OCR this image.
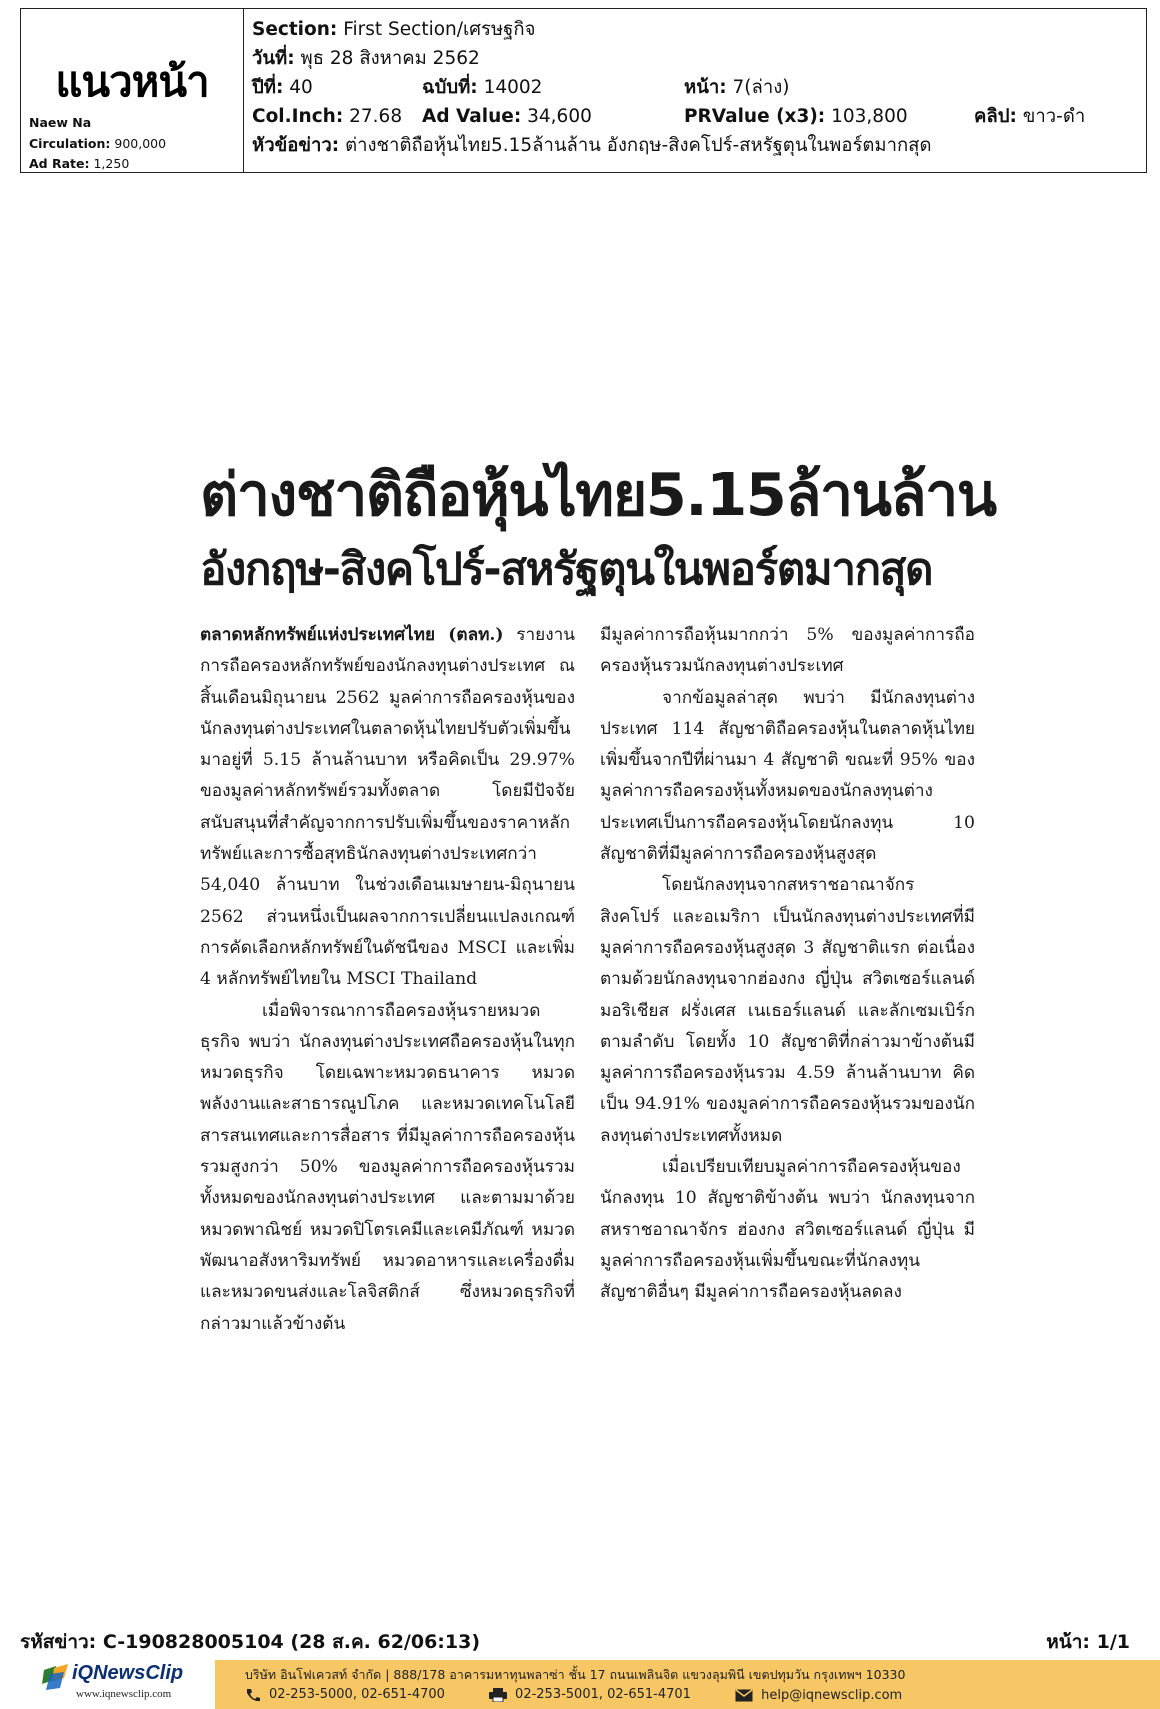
แนวหน้า
Naew Na
Circulation: 900,000
Ad Rate: 1,250
Section: First Section/เศรษฐกิจ
วันที่: พุธ 28 สิงหาคม 2562
ปีที่: 40	ฉบับที่: 14002	หน้า: 7(ล่าง)
Col.Inch: 27.68 Ad Value: 34,600	PRValue (x3): 103,800	คลิป: ขาว-ดำ
หัวข้อข่าว: ต่างชาติถือหุ้นไทย5.15ล้านล้าน อังกฤษ-สิงคโปร์-สหรัฐตุนในพอร์ตมากสุด
ต่างชาติถือหุ้นไทย5.15ล้านล้าน
อังกฤษ-สิงคโปร์-สหรัฐตุนในพอร์ตมากสุด

ตลาดหลักทรัพย์แห่งประเทศไทย (ตลท.) รายงานการถือครองหลักทรัพย์ของนักลงทุนต่างประเทศ ณ สิ้นเดือนมิถุนายน 2562 มูลค่าการถือครองหุ้นของนักลงทุนต่างประเทศในตลาดหุ้นไทยปรับตัวเพิ่มขึ้นมาอยู่ที่ 5.15 ล้านล้านบาท หรือคิดเป็น 29.97% ของมูลค่าหลักทรัพย์รวมทั้งตลาด โดยมีปัจจัยสนับสนุนที่สำคัญจากการปรับเพิ่มขึ้นของราคาหลักทรัพย์และการซื้อสุทธินักลงทุนต่างประเทศกว่า 54,040 ล้านบาท ในช่วงเดือนเมษายน-มิถุนายน 2562 ส่วนหนึ่งเป็นผลจากการเปลี่ยนแปลงเกณฑ์การคัดเลือกหลักทรัพย์ในดัชนีของ MSCI และเพิ่ม 4 หลักทรัพย์ไทยใน MSCI Thailand

เมื่อพิจารณาการถือครองหุ้นรายหมวดธุรกิจ พบว่า นักลงทุนต่างประเทศถือครองหุ้นในทุกหมวดธุรกิจ โดยเฉพาะหมวดธนาคาร หมวดพลังงานและสาธารณูปโภค และหมวดเทคโนโลยีสารสนเทศและการสื่อสาร ที่มีมูลค่าการถือครองหุ้นรวมสูงกว่า 50% ของมูลค่าการถือครองหุ้นรวมทั้งหมดของนักลงทุนต่างประเทศ และตามมาด้วยหมวดพาณิชย์ หมวดปิโตรเคมีและเคมีภัณฑ์ หมวดพัฒนาอสังหาริมทรัพย์ หมวดอาหารและเครื่องดื่ม และหมวดขนส่งและโลจิสติกส์ ซึ่งหมวดธุรกิจที่กล่าวมาแล้วข้างต้น

มีมูลค่าการถือหุ้นมากกว่า 5% ของมูลค่าการถือครองหุ้นรวมนักลงทุนต่างประเทศ

จากข้อมูลล่าสุด พบว่า มีนักลงทุนต่างประเทศ 114 สัญชาติถือครองหุ้นในตลาดหุ้นไทย เพิ่มขึ้นจากปีที่ผ่านมา 4 สัญชาติ ขณะที่ 95% ของมูลค่าการถือครองหุ้นทั้งหมดของนักลงทุนต่างประเทศเป็นการถือครองหุ้นโดยนักลงทุน 10 สัญชาติที่มีมูลค่าการถือครองหุ้นสูงสุด

โดยนักลงทุนจากสหราชอาณาจักร สิงคโปร์ และอเมริกา เป็นนักลงทุนต่างประเทศที่มีมูลค่าการถือครองหุ้นสูงสุด 3 สัญชาติแรก ต่อเนื่องตามด้วยนักลงทุนจากฮ่องกง ญี่ปุ่น สวิตเซอร์แลนด์ มอริเชียส ฝรั่งเศส เนเธอร์แลนด์ และลักเซมเบิร์ก ตามลำดับ โดยทั้ง 10 สัญชาติที่กล่าวมาข้างต้นมีมูลค่าการถือครองหุ้นรวม 4.59 ล้านล้านบาท คิดเป็น 94.91% ของมูลค่าการถือครองหุ้นรวมของนักลงทุนต่างประเทศทั้งหมด

เมื่อเปรียบเทียบมูลค่าการถือครองหุ้นของนักลงทุน 10 สัญชาติข้างต้น พบว่า นักลงทุนจากสหราชอาณาจักร ฮ่องกง สวิตเซอร์แลนด์ ญี่ปุ่น มีมูลค่าการถือครองหุ้นเพิ่มขึ้นขณะที่นักลงทุนสัญชาติอื่นๆ มีมูลค่าการถือครองหุ้นลดลง

รหัสข่าว: C-190828005104 (28 ส.ค. 62/06:13)	หน้า: 1/1
iQNewsClip
www.iqnewsclip.com
บริษัท อินโฟเควสท์ จำกัด | 888/178 อาคารมหาทุนพลาซ่า ชั้น 17 ถนนเพลินจิต แขวงลุมพินี เขตปทุมวัน กรุงเทพฯ 10330
02-253-5000, 02-651-4700
	02-253-5001, 02-651-4701
	help@iqnewsclip.com
